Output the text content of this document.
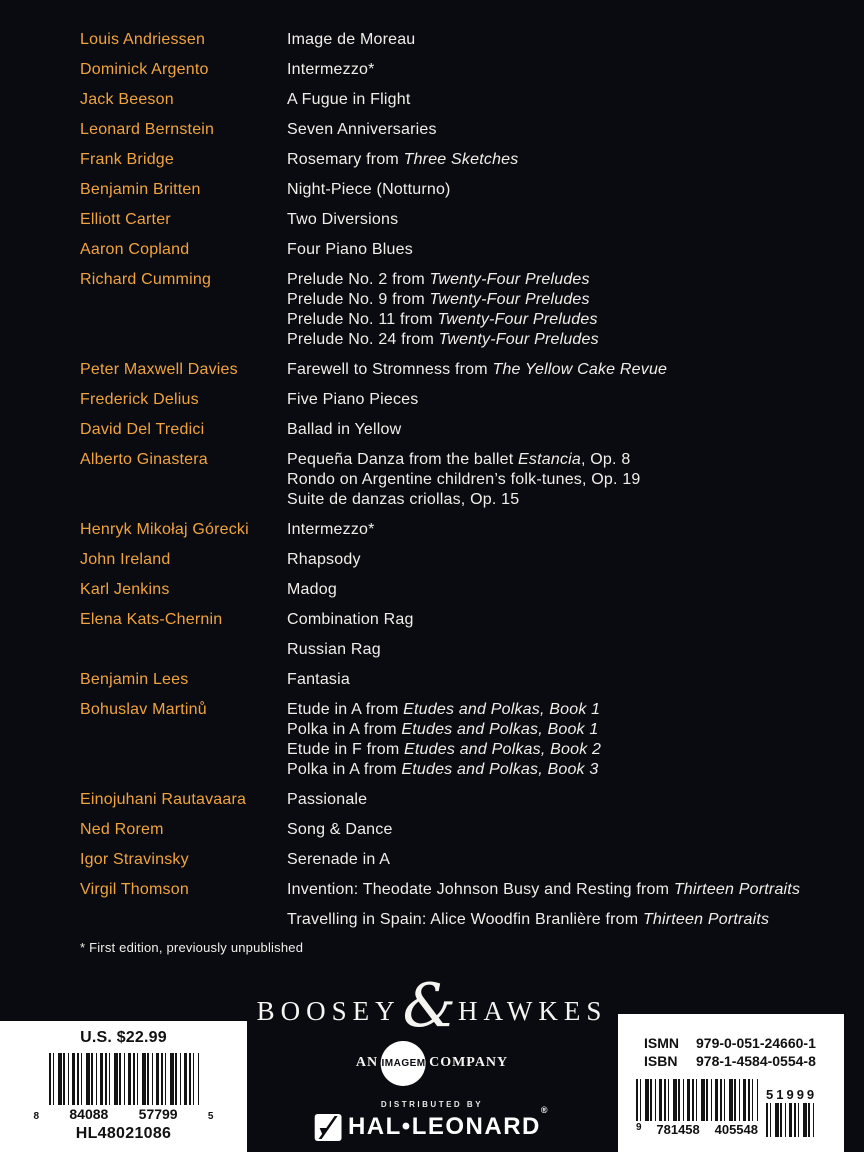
Louis Andriessen	Image de Moreau
Dominick Argento	Intermezzo*
Jack Beeson	A Fugue in Flight
Leonard Bernstein	Seven Anniversaries
Frank Bridge	Rosemary from Three Sketches
Benjamin Britten	Night-Piece (Notturno)
Elliott Carter	Two Diversions
Aaron Copland	Four Piano Blues
Richard Cumming	Prelude No. 2 from Twenty-Four Preludes
Prelude No. 9 from Twenty-Four Preludes
Prelude No. 11 from Twenty-Four Preludes
Prelude No. 24 from Twenty-Four Preludes
Peter Maxwell Davies	Farewell to Stromness from The Yellow Cake Revue
Frederick Delius	Five Piano Pieces
David Del Tredici	Ballad in Yellow
Alberto Ginastera	Pequeña Danza from the ballet Estancia, Op. 8
Rondo on Argentine children’s folk-tunes, Op. 19
Suite de danzas criollas, Op. 15
Henryk Mikołaj Górecki	Intermezzo*
John Ireland	Rhapsody
Karl Jenkins	Madog
Elena Kats-Chernin	Combination Rag
Russian Rag
Benjamin Lees	Fantasia
Bohuslav Martinů	Etude in A from Etudes and Polkas, Book 1
Polka in A from Etudes and Polkas, Book 1
Etude in F from Etudes and Polkas, Book 2
Polka in A from Etudes and Polkas, Book 3
Einojuhani Rautavaara	Passionale
Ned Rorem	Song & Dance
Igor Stravinsky	Serenade in A
Virgil Thomson	Invention: Theodate Johnson Busy and Resting from Thirteen Portraits
Travelling in Spain: Alice Woodfin Branlière from Thirteen Portraits
* First edition, previously unpublished
BOOSEY & HAWKES
AN IMAGEM COMPANY
DISTRIBUTED BY
HAL•LEONARD®
U.S. $22.99
8 84088 57799	5
HL48021086
ISMN	979-0-051-24660-1
ISBN	978-1-4584-0554-8
9 781458 405548
51999
